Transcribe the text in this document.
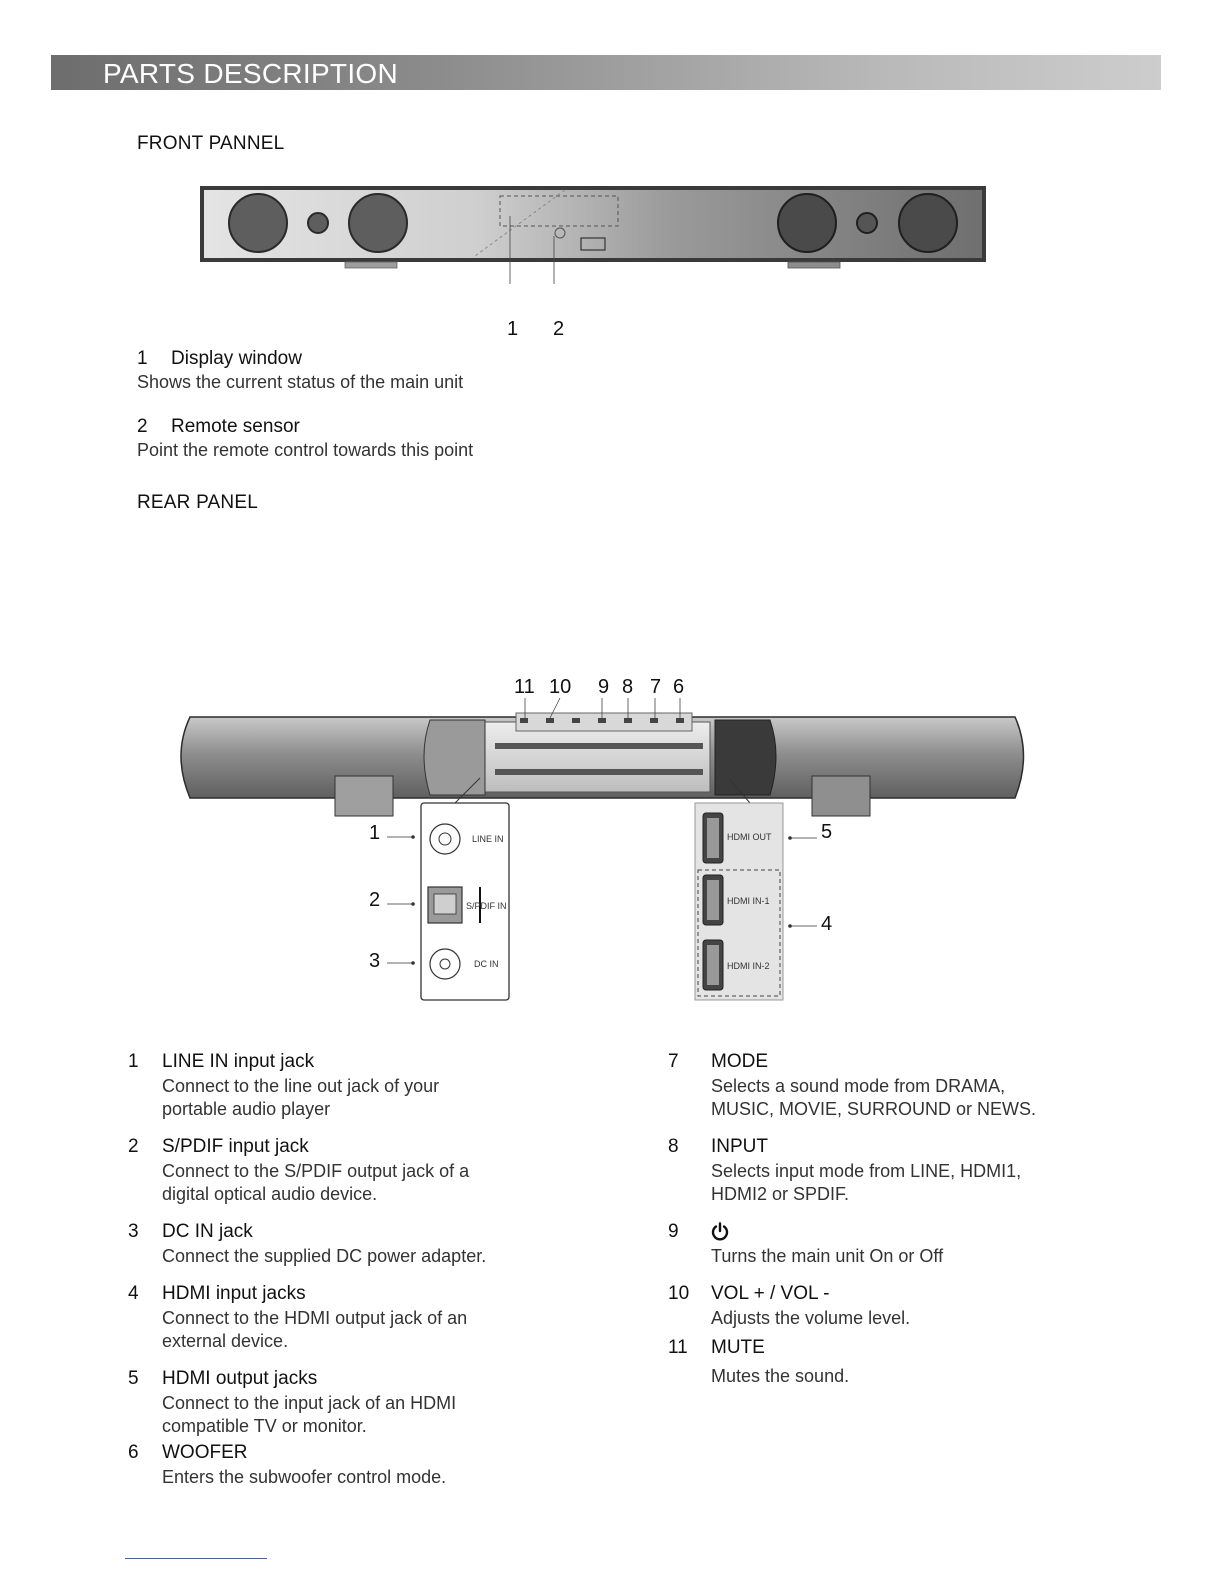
PARTS DESCRIPTION
FRONT PANNEL
1 2
1 Display window
Shows the current status of the main unit
2 Remote sensor
Point the remote control towards this point
REAR PANEL
11 10 9 8 7 6
1
2
3
5
4
LINE IN
S/PDIF IN
DC IN
HDMI OUT
HDMI IN-1
HDMI IN-2
1 LINE IN input jack
Connect to the line out jack of your
portable audio player
2 S/PDIF input jack
Connect to the S/PDIF output jack of a
digital optical audio device.
3 DC IN jack
Connect the supplied DC power adapter.
4 HDMI input jacks
Connect to the HDMI output jack of an
external device.
5 HDMI output jacks
Connect to the input jack of an HDMI
compatible TV or monitor.
6 WOOFER
Enters the subwoofer control mode.
7 MODE
Selects a sound mode from DRAMA,
MUSIC, MOVIE, SURROUND or NEWS.
8 INPUT
Selects input mode from LINE, HDMI1,
HDMI2 or SPDIF.
9
Turns the main unit On or Off
10 VOL + / VOL -
Adjusts the volume level.
11 MUTE
Mutes the sound.
